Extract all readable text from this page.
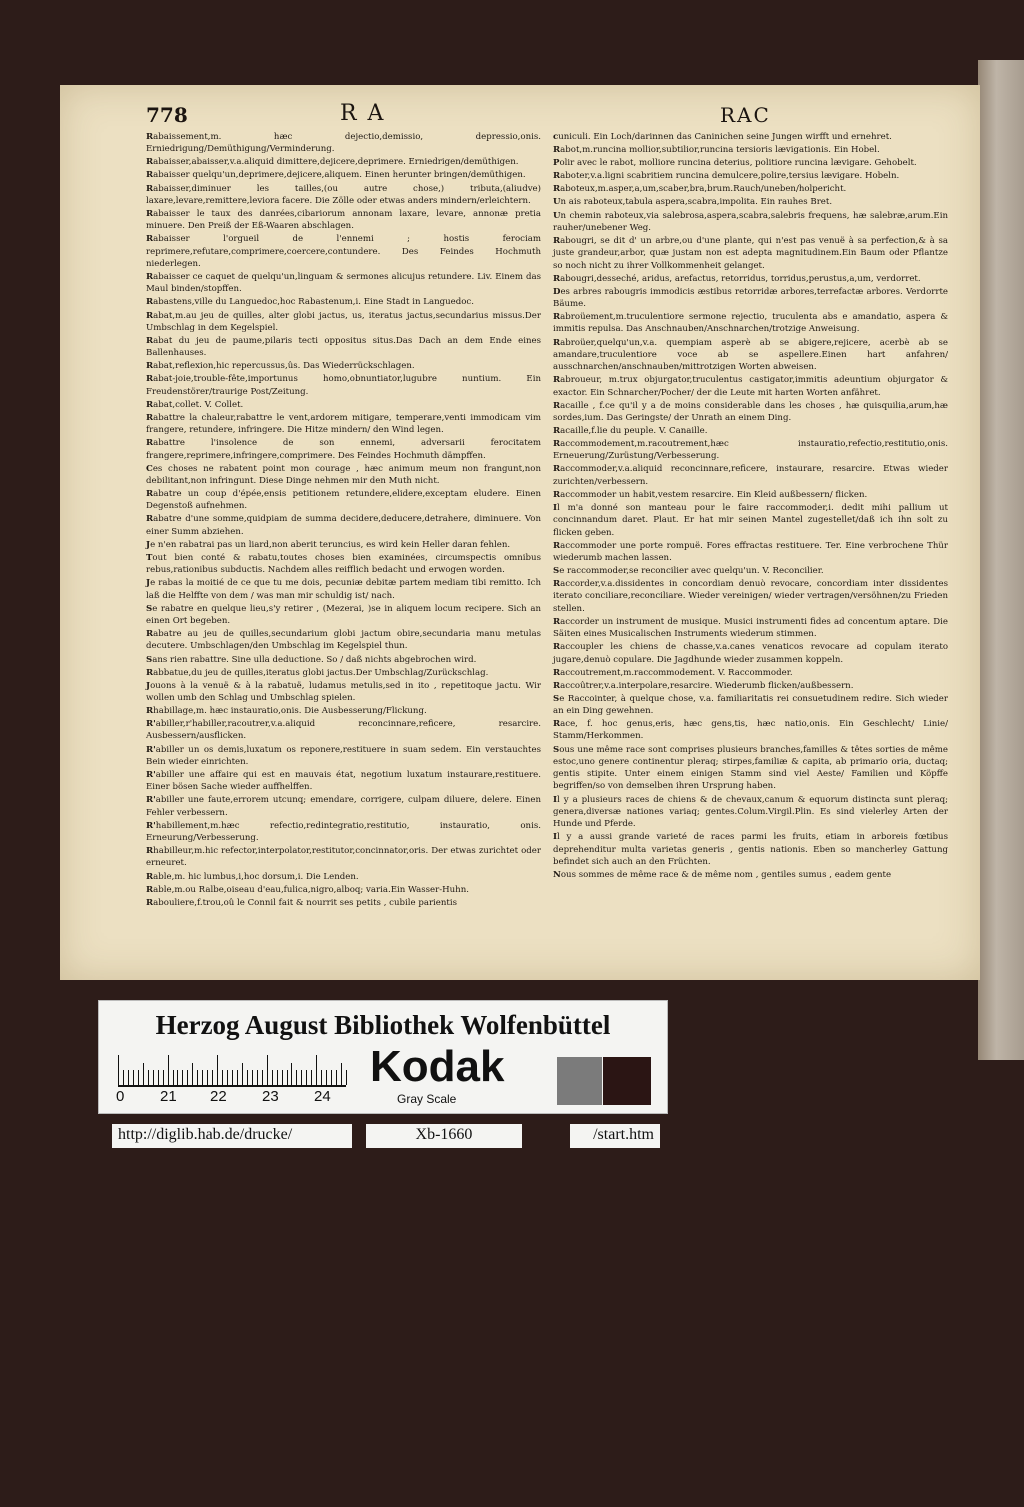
778	R A	RAC
Rabaissement,m. hæc dejectio,demissio, depressio,onis. Erniedrigung/Demüthigung/Verminderung.
Rabaisser,abaisser,v.a.aliquid dimittere,dejicere,deprimere. Erniedrigen/demüthigen.
Rabaisser quelqu'un,deprimere,dejicere,aliquem. Einen herunter bringen/demüthigen.
Rabaisser,diminuer les tailles,(ou autre chose,) tributa,(aliudve) laxare,levare,remittere,leviora facere. Die Zölle oder etwas anders mindern/erleichtern.
Rabaisser le taux des danrées,cibariorum annonam laxare, levare, annonæ pretia minuere. Den Preiß der Eß-Waaren abschlagen.
Rabaisser l'orgueil de l'ennemi ; hostis ferociam reprimere,refutare,comprimere,coercere,contundere. Des Feindes Hochmuth niederlegen.
Rabaisser ce caquet de quelqu'un,linguam & sermones alicujus retundere. Liv. Einem das Maul binden/stopffen.
Rabastens,ville du Languedoc,hoc Rabastenum,i. Eine Stadt in Languedoc.
Rabat,m.au jeu de quilles, alter globi jactus, us, iteratus jactus,secundarius missus.Der Umbschlag in dem Kegelspiel.
Rabat du jeu de paume,pilaris tecti oppositus situs.Das Dach an dem Ende eines Ballenhauses.
Rabat,reflexion,hic repercussus,ûs. Das Wiederrückschlagen.
Rabat-joie,trouble-fête,importunus homo,obnuntiator,lugubre nuntium. Ein Freudenstörer/traurige Post/Zeitung.
Rabat,collet. V. Collet.
Rabattre la chaleur,rabattre le vent,ardorem mitigare, temperare,venti immodicam vim frangere, retundere, infringere. Die Hitze mindern/ den Wind legen.
Rabattre l'insolence de son ennemi, adversarii ferocitatem frangere,reprimere,infringere,comprimere. Des Feindes Hochmuth dämpffen.
Ces choses ne rabatent point mon courage , hæc animum meum non frangunt,non debilitant,non infringunt. Diese Dinge nehmen mir den Muth nicht.
Rabatre un coup d'épée,ensis petitionem retundere,elidere,exceptam eludere. Einen Degenstoß aufnehmen.
Rabatre d'une somme,quidpiam de summa decidere,deducere,detrahere, diminuere. Von einer Summ abziehen.
Je n'en rabatrai pas un liard,non aberit teruncius, es wird kein Heller daran fehlen.
Tout bien conté & rabatu,toutes choses bien examinées, circumspectis omnibus rebus,rationibus subductis. Nachdem alles reifflich bedacht und erwogen worden.
Je rabas la moitié de ce que tu me dois, pecuniæ debitæ partem mediam tibi remitto. Ich laß die Helffte von dem / was man mir schuldig ist/ nach.
Se rabatre en quelque lieu,s'y retirer , (Mezerai, )se in aliquem locum recipere. Sich an einen Ort begeben.
Rabatre au jeu de quilles,secundarium globi jactum obire,secundaria manu metulas decutere. Umbschlagen/den Umbschlag im Kegelspiel thun.
Sans rien rabattre. Sine ulla deductione. So / daß nichts abgebrochen wird.
Rabbatue,du jeu de quilles,iteratus globi jactus.Der Umbschlag/Zurückschlag.
Jouons à la venuë & à la rabatuë, ludamus metulis,sed in ito , repetitoque jactu. Wir wollen umb den Schlag und Umbschlag spielen.
Rhabillage,m. hæc instauratio,onis. Die Ausbesserung/Flickung.
R'abiller,r'habiller,racoutrer,v.a.aliquid reconcinnare,reficere, resarcire. Ausbessern/ausflicken.
R'abiller un os demis,luxatum os reponere,restituere in suam sedem. Ein verstauchtes Bein wieder einrichten.
R'abiller une affaire qui est en mauvais état, negotium luxatum instaurare,restituere. Einer bösen Sache wieder auffhelffen.
R'abiller une faute,errorem utcunq; emendare, corrigere, culpam diluere, delere. Einen Fehler verbessern.
R'habillement,m.hæc refectio,redintegratio,restitutio, instauratio, onis. Erneurung/Verbesserung.
Rhabilleur,m.hic refector,interpolator,restitutor,concinnator,oris. Der etwas zurichtet oder erneuret.
Rable,m. hic lumbus,i,hoc dorsum,i. Die Lenden.
Rable,m.ou Ralbe,oiseau d'eau,fulica,nigro,alboq; varia.Ein Wasser-Huhn.
Rabouliere,f.trou,oû le Connil fait & nourrit ses petits , cubile parientis
cuniculi. Ein Loch/darinnen das Caninichen seine Jungen wirfft und ernehret.
Rabot,m.runcina mollior,subtilior,runcina tersioris lævigationis. Ein Hobel.
Polir avec le rabot, molliore runcina deterius, politiore runcina lævigare. Gehobelt.
Raboter,v.a.ligni scabritiem runcina demulcere,polire,tersius lævigare. Hobeln.
Raboteux,m.asper,a,um,scaber,bra,brum.Rauch/uneben/holpericht.
Un ais raboteux,tabula aspera,scabra,impolita. Ein rauhes Bret.
Un chemin raboteux,via salebrosa,aspera,scabra,salebris frequens, hæ salebræ,arum.Ein rauher/unebener Weg.
Rabougri, se dit d' un arbre,ou d'une plante, qui n'est pas venuë à sa perfection,& à sa juste grandeur,arbor, quæ justam non est adepta magnitudinem.Ein Baum oder Pflantze so noch nicht zu ihrer Vollkommenheit gelanget.
Rabougri,desseché, aridus, arefactus, retorridus, torridus,perustus,a,um, verdorret.
Des arbres rabougris immodicis æstibus retorridæ arbores,terrefactæ arbores. Verdorrte Bäume.
Rabroüement,m.truculentiore sermone rejectio, truculenta abs e amandatio, aspera & immitis repulsa. Das Anschnauben/Anschnarchen/trotzige Anweisung.
Rabroüer,quelqu'un,v.a. quempiam asperè ab se abigere,rejicere, acerbè ab se amandare,truculentiore voce ab se aspellere.Einen hart anfahren/ ausschnarchen/anschnauben/mittrotzigen Worten abweisen.
Rabroueur, m.trux objurgator,truculentus castigator,immitis adeuntium objurgator & exactor. Ein Schnarcher/Pocher/ der die Leute mit harten Worten anfähret.
Racaille , f.ce qu'il y a de moins considerable dans les choses , hæ quisquilia,arum,hæ sordes,ium. Das Geringste/ der Unrath an einem Ding.
Racaille,f.lie du peuple. V. Canaille.
Raccommodement,m.racoutrement,hæc instauratio,refectio,restitutio,onis. Erneuerung/Zurüstung/Verbesserung.
Raccommoder,v.a.aliquid reconcinnare,reficere, instaurare, resarcire. Etwas wieder zurichten/verbessern.
Raccommoder un habit,vestem resarcire. Ein Kleid außbessern/ flicken.
Il m'a donné son manteau pour le faire raccommoder,i. dedit mihi pallium ut concinnandum daret. Plaut. Er hat mir seinen Mantel zugestellet/daß ich ihn solt zu flicken geben.
Raccommoder une porte rompuë. Fores effractas restituere. Ter. Eine verbrochene Thür wiederumb machen lassen.
Se raccommoder,se reconcilier avec quelqu'un. V. Reconcilier.
Raccorder,v.a.dissidentes in concordiam denuò revocare, concordiam inter dissidentes iterato conciliare,reconciliare. Wieder vereinigen/ wieder vertragen/versöhnen/zu Frieden stellen.
Raccorder un instrument de musique. Musici instrumenti fides ad concentum aptare. Die Säiten eines Musicalischen Instruments wiederum stimmen.
Raccoupler les chiens de chasse,v.a.canes venaticos revocare ad copulam iterato jugare,denuò copulare. Die Jagdhunde wieder zusammen koppeln.
Raccoutrement,m.raccommodement. V. Raccommoder.
Raccoûtrer,v.a.interpolare,resarcire. Wiederumb flicken/außbessern.
Se Raccointer, à quelque chose, v.a. familiaritatis rei consuetudinem redire. Sich wieder an ein Ding gewehnen.
Race, f. hoc genus,eris, hæc gens,tis, hæc natio,onis. Ein Geschlecht/ Linie/ Stamm/Herkommen.
Sous une même race sont comprises plusieurs branches,familles & têtes sorties de même estoc,uno genere continentur pleraq; stirpes,familiæ & capita, ab primario oria, ductaq; gentis stipite. Unter einem einigen Stamm sind viel Aeste/ Familien und Köpffe begriffen/so von demselben ihren Ursprung haben.
Il y a plusieurs races de chiens & de chevaux,canum & equorum distincta sunt pleraq; genera,diversæ nationes variaq; gentes.Colum.Virgil.Plin. Es sind vielerley Arten der Hunde und Pferde.
Il y a aussi grande varieté de races parmi les fruits, etiam in arboreis fœtibus deprehenditur multa varietas generis , gentis nationis. Eben so mancherley Gattung befindet sich auch an den Früchten.
Nous sommes de même race & de même nom , gentiles sumus , eadem gente
Herzog August Bibliothek Wolfenbüttel
0 21 22 23 24
Kodak
Gray Scale
http://diglib.hab.de/drucke/	Xb-1660	/start.htm
